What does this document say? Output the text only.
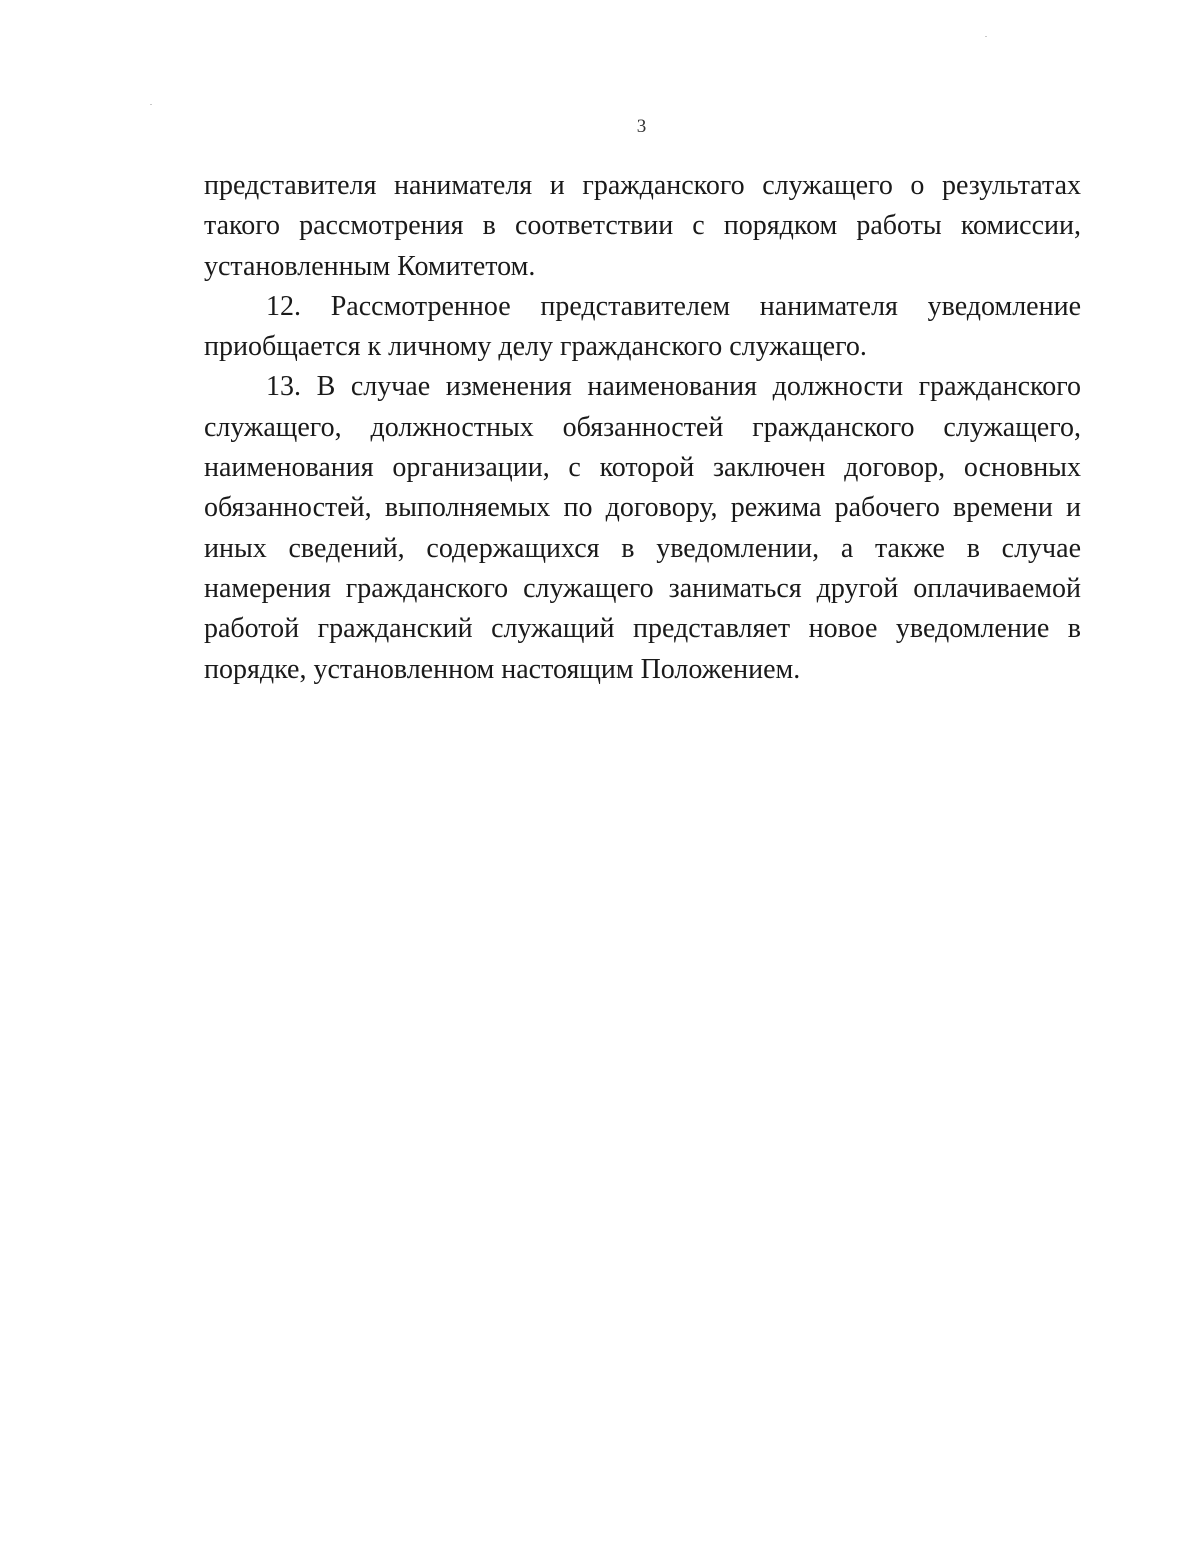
3

представителя нанимателя и гражданского служащего о результатах такого рассмотрения в соответствии с порядком работы комиссии, установленным Комитетом.

12. Рассмотренное представителем нанимателя уведомление приобщается к личному делу гражданского служащего.

13. В случае изменения наименования должности гражданского служащего, должностных обязанностей гражданского служащего, наименования организации, с которой заключен договор, основных обязанностей, выполняемых по договору, режима рабочего времени и иных сведений, содержащихся в уведомлении, а также в случае намерения гражданского служащего заниматься другой оплачиваемой работой гражданский служащий представляет новое уведомление в порядке, установленном настоящим Положением.
